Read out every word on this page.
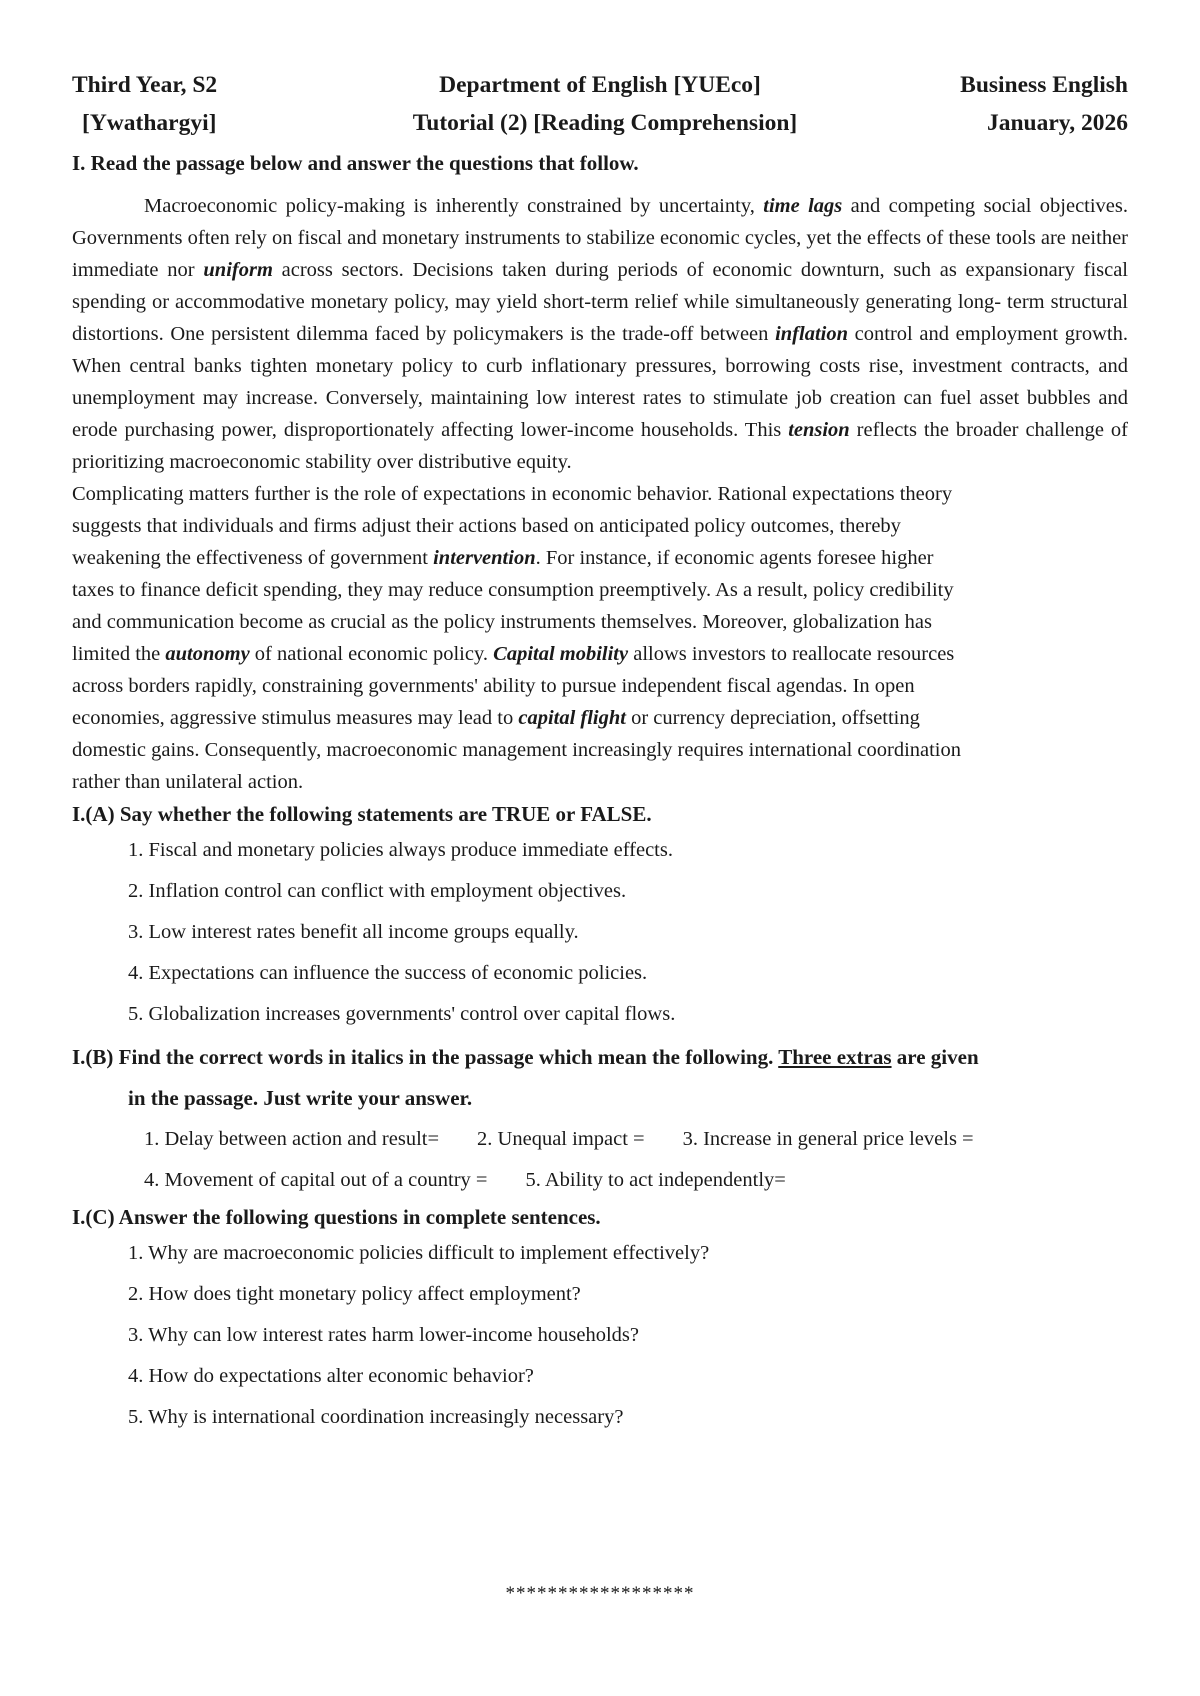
Third Year, S2	Department of English [YUEco]	Business English
[Ywathargyi]	Tutorial (2) [Reading Comprehension]	January, 2026
I. Read the passage below and answer the questions that follow.
Macroeconomic policy-making is inherently constrained by uncertainty, time lags and competing social objectives. Governments often rely on fiscal and monetary instruments to stabilize economic cycles, yet the effects of these tools are neither immediate nor uniform across sectors. Decisions taken during periods of economic downturn, such as expansionary fiscal spending or accommodative monetary policy, may yield short-term relief while simultaneously generating long- term structural distortions. One persistent dilemma faced by policymakers is the trade-off between inflation control and employment growth. When central banks tighten monetary policy to curb inflationary pressures, borrowing costs rise, investment contracts, and unemployment may increase. Conversely, maintaining low interest rates to stimulate job creation can fuel asset bubbles and erode purchasing power, disproportionately affecting lower-income households. This tension reflects the broader challenge of prioritizing macroeconomic stability over distributive equity.
Complicating matters further is the role of expectations in economic behavior. Rational expectations theory
suggests that individuals and firms adjust their actions based on anticipated policy outcomes, thereby
weakening the effectiveness of government intervention. For instance, if economic agents foresee higher
taxes to finance deficit spending, they may reduce consumption preemptively. As a result, policy credibility
and communication become as crucial as the policy instruments themselves. Moreover, globalization has
limited the autonomy of national economic policy. Capital mobility allows investors to reallocate resources
across borders rapidly, constraining governments' ability to pursue independent fiscal agendas. In open
economies, aggressive stimulus measures may lead to capital flight or currency depreciation, offsetting
domestic gains. Consequently, macroeconomic management increasingly requires international coordination
rather than unilateral action.
I.(A) Say whether the following statements are TRUE or FALSE.
1. Fiscal and monetary policies always produce immediate effects.
2. Inflation control can conflict with employment objectives.
3. Low interest rates benefit all income groups equally.
4. Expectations can influence the success of economic policies.
5. Globalization increases governments' control over capital flows.
I.(B) Find the correct words in italics in the passage which mean the following. Three extras are given
in the passage. Just write your answer.
1. Delay between action and result= 2. Unequal impact = 3. Increase in general price levels =
4. Movement of capital out of a country = 5. Ability to act independently=
I.(C) Answer the following questions in complete sentences.
1. Why are macroeconomic policies difficult to implement effectively?
2. How does tight monetary policy affect employment?
3. Why can low interest rates harm lower-income households?
4. How do expectations alter economic behavior?
5. Why is international coordination increasingly necessary?
******************
